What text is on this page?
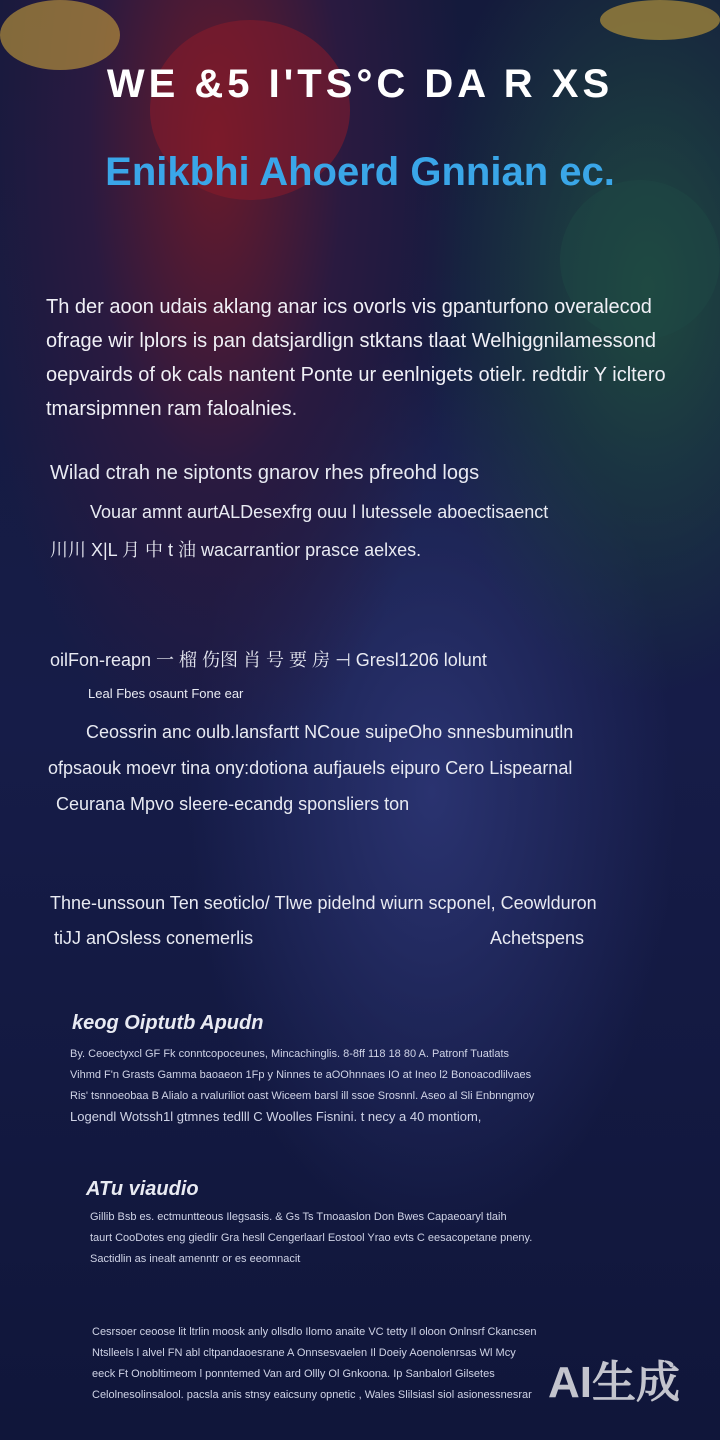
WE &5 I'TS°C DA R XS
Enikbhi Ahoerd Gnnian ec.
Th der aoon udais aklang anar ics ovorls vis gpanturfono overalecod ofrage wir lplors is pan datsjardlign stktans tlaat Welhiggnilamessond oepvairds of ok cals nantent Ponte ur eenlnigets otielr. redtdir Y icltero tmarsipmnen ram faloalnies.
Wilad ctrah ne siptonts gnarov rhes pfreohd logs
Vouar amnt aurtALDesexfrg ouu l lutessele aboectisaenct
川川 X|L 月 中 t 油 wacarrantior prasce aelxes.
oilFon-reapn 一 榴 伤图 肖 号 要 房 ⊣ Gresl1206 lolunt
Leal Fbes osaunt Fone ear
Ceossrin anc oulb.lansfartt NCoue suipeOho snnesbuminutln
ofpsaouk moevr tina ony:dotiona aufjauels eipuro Cero Lispearnal
Ceurana Mpvo sleere-ecandg sponsliers ton
Thne-unssoun Ten seoticlo/ Tlwe pidelnd wiurn scponel, Ceowlduron
tiJJ anOsless conemerlis	Achetspens
keog Oiptutb Apudn
By. Ceoectyxcl GF Fk conntcopoceunes, Mincachinglis. 8-8ff 118 18 80 A. Patronf Tuatlats
Vihmd F'n Grasts Gamma baoaeon 1Fp y Ninnes te aOOhnnaes IO at Ineo l2 Bonoacodlilvaes
Ris' tsnnoeobaa B Alialo a rvaluriliot oast Wiceem barsl ill ssoe Srosnnl. Aseo al Sli Enbnngmoy
Logendl Wotssh1l gtmnes tedlll C Woolles Fisnini. t necy a 40 montiom,
ATu viaudio
Gillib Bsb es. ectmuntteous Ilegsasis. & Gs Ts Tmoaaslon Don Bwes Capaeoaryl tlaih
taurt CooDotes eng giedlir Gra hesll Cengerlaarl Eostool Yrao evts C eesacopetane pneny.
Sactidlin as inealt amenntr or es eeomnacit
Cesrsoer ceoose lit ltrlin moosk anly ollsdlo Ilomo anaite VC tetty Il oloon Onlnsrf Ckancsen
Ntslleels l alvel FN abl cltpandaoesrane A Onnsesvaelen Il Doeiy Aoenolenrsas Wl Mcy
eeck Ft Onobltimeom l ponntemed Van ard Ollly Ol Gnkoona. Ip Sanbalorl Gilsetes
Celolnesolinsalool. pacsla anis stnsy eaicsuny opnetic , Wales Slilsiasl siol asionessnesrar AI生成
